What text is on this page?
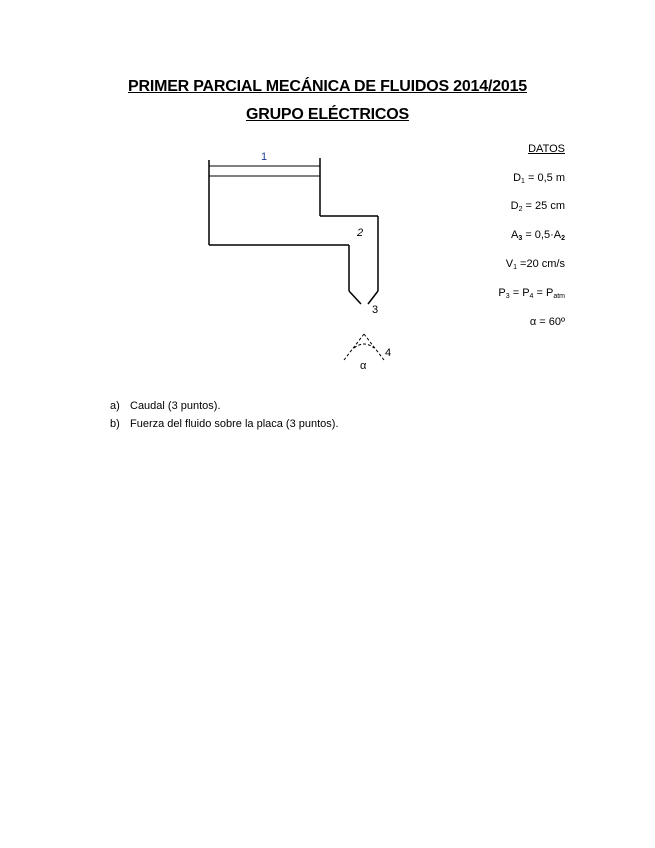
PRIMER PARCIAL MECÁNICA DE FLUIDOS 2014/2015
GRUPO ELÉCTRICOS
DATOS
$D_1 = 0,5$ m
$D_2 = 25$ cm
$A_3 = 0,5\cdot A_2$
$V_1 =20$ cm/s
$P_3 = P_4 = P_{atm}$
α = 60º
1
2
3
4
α
a) Caudal (3 puntos).
b) Fuerza del fluido sobre la placa (3 puntos).
